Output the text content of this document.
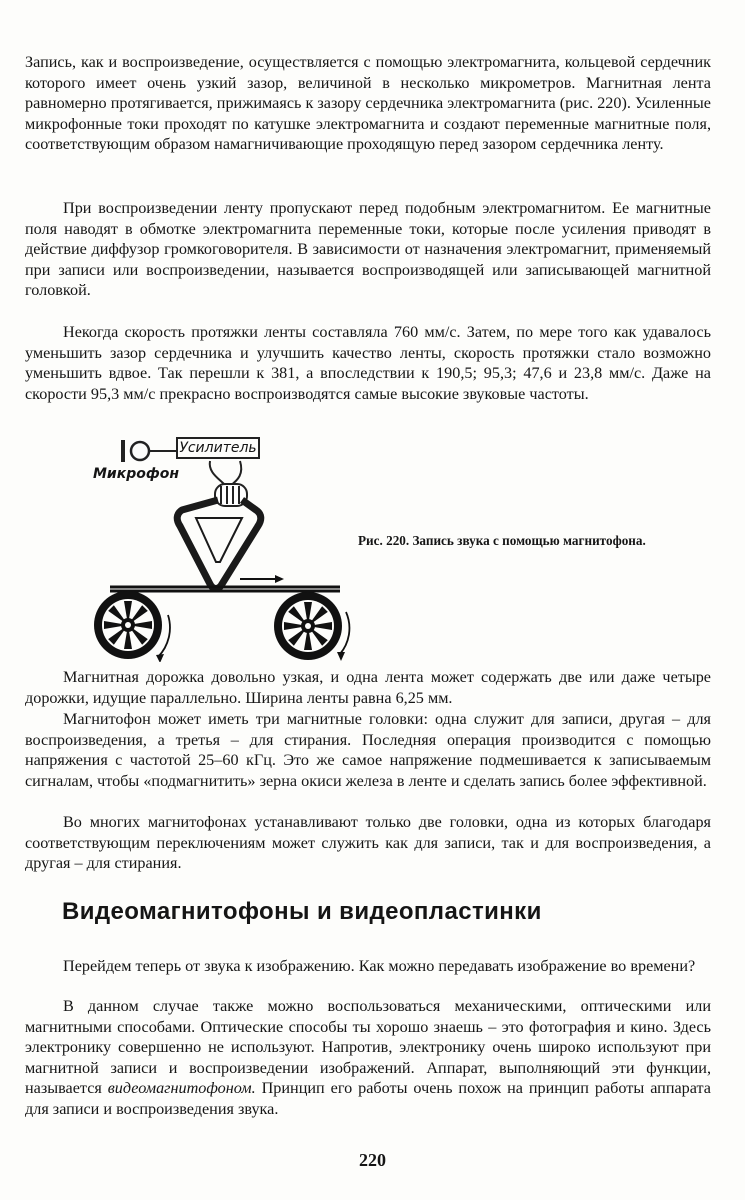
Запись, как и воспроизведение, осуществляется с помощью электромагнита, кольцевой сердечник которого имеет очень узкий зазор, величиной в несколько микрометров. Магнитная лента равномерно протягивается, прижимаясь к зазору сердечника электромагнита (рис. 220). Усиленные микрофонные токи проходят по катушке электромагнита и создают переменные магнитные поля, соответствующим образом намагничивающие проходящую перед зазором сердечника ленту.

При воспроизведении ленту пропускают перед подобным электромагнитом. Ее магнитные поля наводят в обмотке электромагнита переменные токи, которые после усиления приводят в действие диффузор громкоговорителя. В зависимости от назначения электромагнит, применяемый при записи или воспроизведении, называется воспроизводящей или записывающей магнитной головкой.

Некогда скорость протяжки ленты составляла 760 мм/с. Затем, по мере того как удавалось уменьшить зазор сердечника и улучшить качество ленты, скорость протяжки стало возможно уменьшить вдвое. Так перешли к 381, а впоследствии к 190,5; 95,3; 47,6 и 23,8 мм/с. Даже на скорости 95,3 мм/с прекрасно воспроизводятся самые высокие звуковые частоты.

Усилитель
Микрофон

Рис. 220. Запись звука с помощью магнитофона.

Магнитная дорожка довольно узкая, и одна лента может содержать две или даже четыре дорожки, идущие параллельно. Ширина ленты равна 6,25 мм.

Магнитофон может иметь три магнитные головки: одна служит для записи, другая – для воспроизведения, а третья – для стирания. Последняя операция производится с помощью напряжения с частотой 25–60 кГц. Это же самое напряжение подмешивается к записываемым сигналам, чтобы «подмагнитить» зерна окиси железа в ленте и сделать запись более эффективной.

Во многих магнитофонах устанавливают только две головки, одна из которых благодаря соответствующим переключениям может служить как для записи, так и для воспроизведения, а другая – для стирания.

Видеомагнитофоны и видеопластинки

Перейдем теперь от звука к изображению. Как можно передавать изображение во времени?

В данном случае также можно воспользоваться механическими, оптическими или магнитными способами. Оптические способы ты хорошо знаешь – это фотография и кино. Здесь электронику совершенно не используют. Напротив, электронику очень широко используют при магнитной записи и воспроизведении изображений. Аппарат, выполняющий эти функции, называется видеомагнитофоном. Принцип его работы очень похож на принцип работы аппарата для записи и воспроизведения звука.

220
